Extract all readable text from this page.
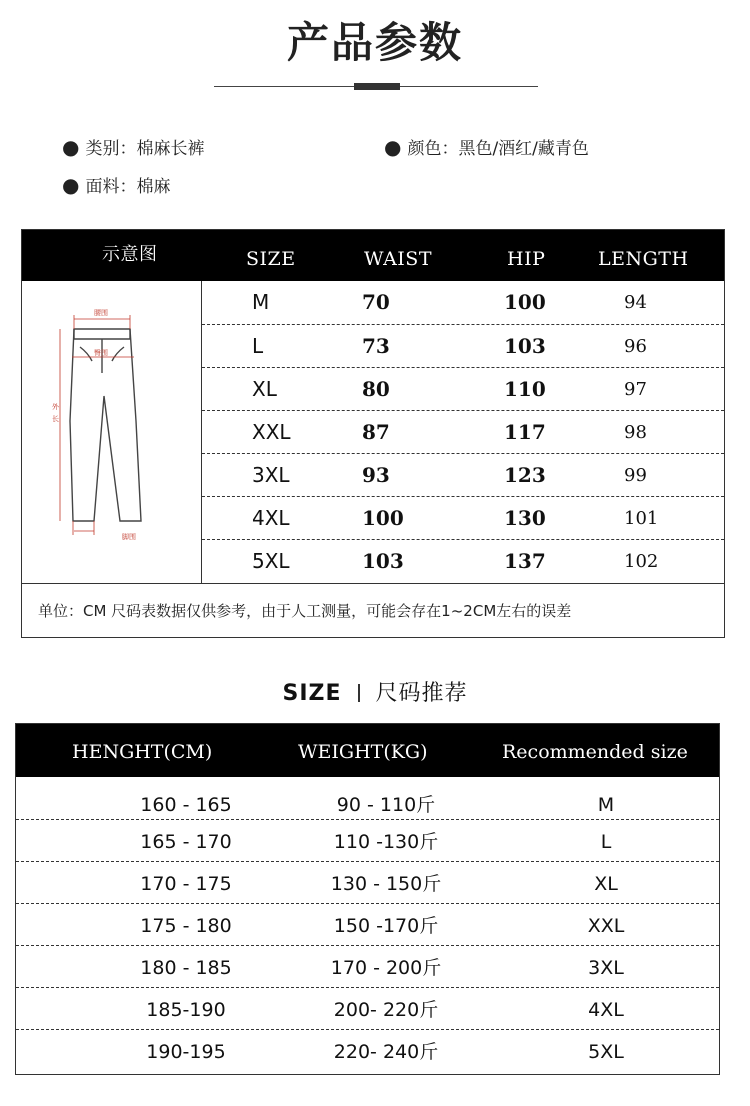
产品参数
● 类别：棉麻长裤	● 颜色：黑色/酒红/藏青色
● 面料：棉麻
示意图	SIZE	WAIST	HIP	LENGTH
腰围
臀围
外
长
脚围
M	70	100	94
L	73	103	96
XL	80	110	97
XXL	87	117	98
3XL	93	123	99
4XL	100	130	101
5XL	103	137	102
单位：CM 尺码表数据仅供参考，由于人工测量，可能会存在1~2CM左右的误差
SIZE 尺码推荐
HENGHT(CM)	WEIGHT(KG)	Recommended size
160 - 165	90 - 110斤	M
165 - 170	110 -130斤	L
170 - 175	130 - 150斤	XL
175 - 180	150 -170斤	XXL
180 - 185	170 - 200斤	3XL
185-190	200- 220斤	4XL
190-195	220- 240斤	5XL
